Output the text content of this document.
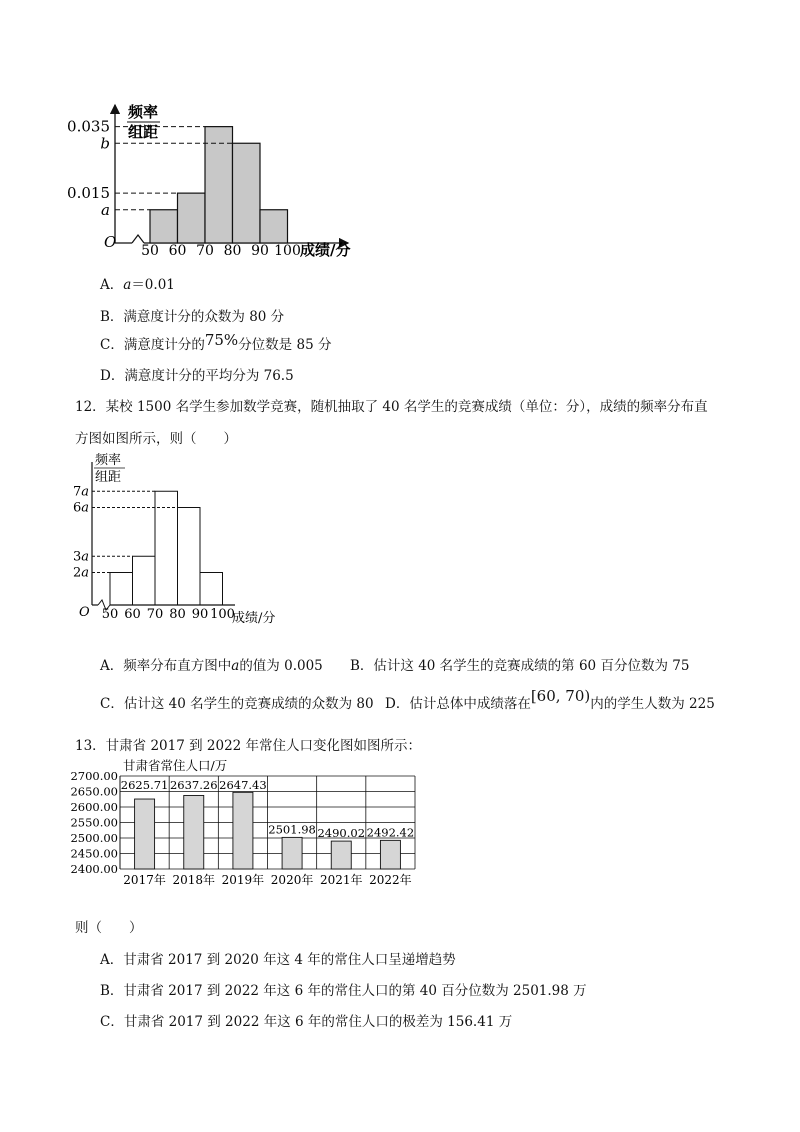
0.035
b
0.015
a
50 60 70 80 90 100
频率
组距
O	成绩/分
A．a＝0.01
B．满意度计分的众数为 80 分
C．满意度计分的75%分位数是 85 分
D．满意度计分的平均分为 76.5
12．某校 1500 名学生参加数学竞赛，随机抽取了 40 名学生的竞赛成绩（单位：分），成绩的频率分布直
方图如图所示，则（　　）
7a
6a
3a
2a
50 60 70 80 90 100
频率
组距
O	成绩/分
A．频率分布直方图中a的值为 0.005 B．估计这 40 名学生的竞赛成绩的第 60 百分位数为 75
C．估计这 40 名学生的竞赛成绩的众数为 80 D．估计总体中成绩落在[60, 70)内的学生人数为 225
13．甘肃省 2017 到 2022 年常住人口变化图如图所示：
甘肃省常住人口/万
2700.00
2650.00
2600.00
2550.00
2500.00
2450.00
2400.00
2625.71 2637.26 2647.43
2501.98 2490.02 2492.42
2017年 2018年 2019年 2020年 2021年 2022年
则（　　）
A．甘肃省 2017 到 2020 年这 4 年的常住人口呈递增趋势
B．甘肃省 2017 到 2022 年这 6 年的常住人口的第 40 百分位数为 2501.98 万
C．甘肃省 2017 到 2022 年这 6 年的常住人口的极差为 156.41 万
